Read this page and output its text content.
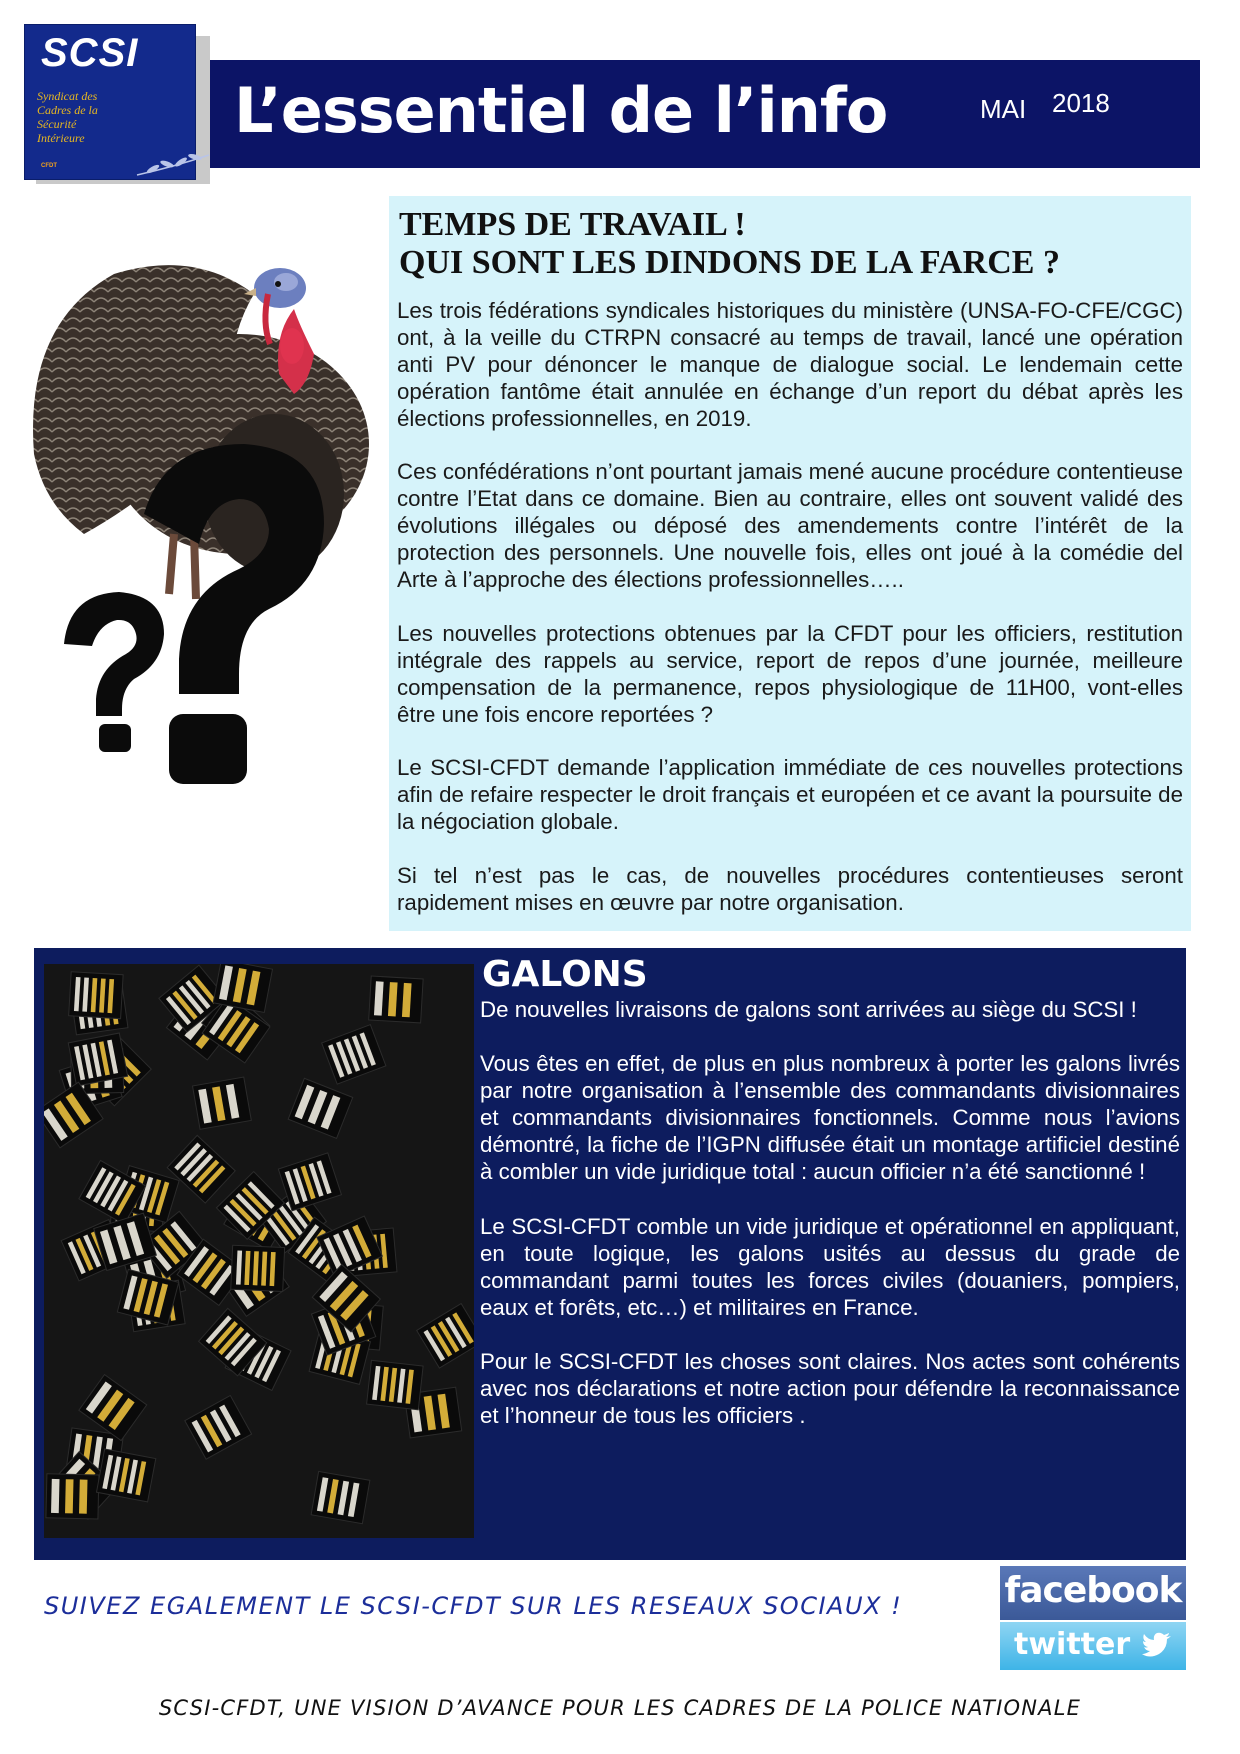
SCSI
Syndicat des
Cadres de la
Sécurité
Intérieure
CFDT
L’essentiel de l’info	MAI 2018
TEMPS DE TRAVAIL !
QUI SONT LES DINDONS DE LA FARCE ?

Les trois fédérations syndicales historiques du ministère (UNSA-FO-CFE/CGC) ont, à la veille du CTRPN consacré au temps de travail, lancé une opération anti PV pour dénoncer le manque de dialogue social. Le lendemain cette opération fantôme était annulée en échange d’un report du débat après les élections professionnelles, en 2019.

Ces confédérations n’ont pourtant jamais mené aucune procédure contentieuse contre l’Etat dans ce domaine. Bien au contraire, elles ont souvent validé des évolutions illégales ou déposé des amendements contre l’intérêt de la protection des personnels. Une nouvelle fois, elles ont joué à la comédie del Arte à l’approche des élections professionnelles…..

Les nouvelles protections obtenues par la CFDT pour les officiers, restitution intégrale des rappels au service, report de repos d’une journée, meilleure compensation de la permanence, repos physiologique de 11H00, vont-elles être une fois encore reportées ?

Le SCSI-CFDT demande l’application immédiate de ces nouvelles protections afin de refaire respecter le droit français et européen et ce avant la poursuite de la négociation globale.

Si tel n’est pas le cas, de nouvelles procédures contentieuses seront rapidement mises en œuvre par notre organisation.

GALONS

De nouvelles livraisons de galons sont arrivées au siège du SCSI !

Vous êtes en effet, de plus en plus nombreux à porter les galons livrés par notre organisation à l’ensemble des commandants divisionnaires et commandants divisionnaires fonctionnels. Comme nous l’avions démontré, la fiche de l’IGPN diffusée était un montage artificiel destiné à combler un vide juridique total : aucun officier n’a été sanctionné !

Le SCSI-CFDT comble un vide juridique et opérationnel en appliquant, en toute logique, les galons usités au dessus du grade de commandant parmi toutes les forces civiles (douaniers, pompiers, eaux et forêts, etc…) et militaires en France.

Pour le SCSI-CFDT les choses sont claires. Nos actes sont cohérents avec nos déclarations et notre action pour défendre la reconnaissance et l’honneur de tous les officiers .

SUIVEZ EGALEMENT LE SCSI-CFDT SUR LES RESEAUX SOCIAUX !	facebook
twitter
SCSI-CFDT, UNE VISION D’AVANCE POUR LES CADRES DE LA POLICE NATIONALE
